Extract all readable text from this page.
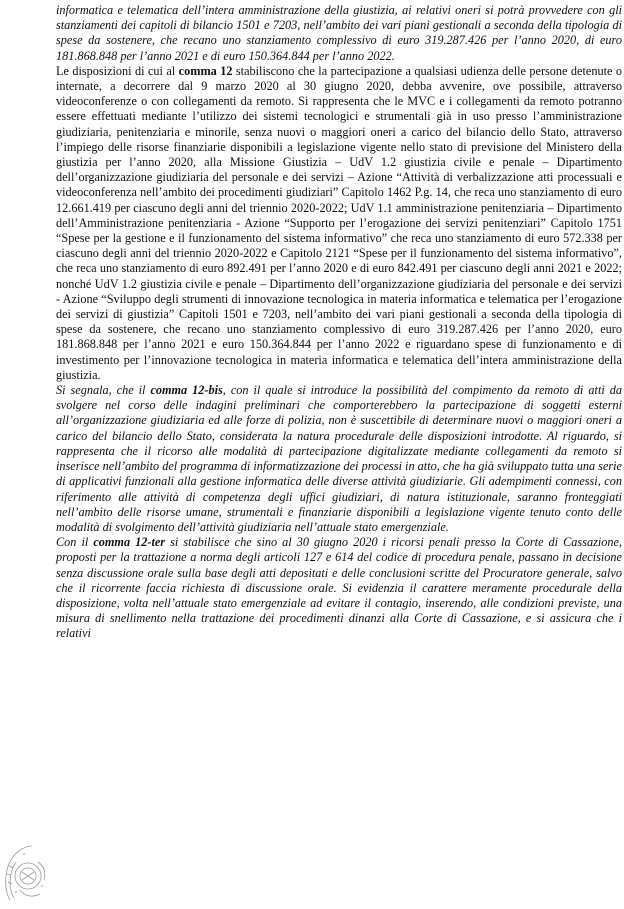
informatica e telematica dell’intera amministrazione della giustizia, ai relativi oneri si potrà provvedere con gli stanziamenti dei capitoli di bilancio 1501 e 7203, nell’ambito dei vari piani gestionali a seconda della tipologia di spese da sostenere, che recano uno stanziamento complessivo di euro 319.287.426 per l’anno 2020, di euro 181.868.848 per l’anno 2021 e di euro 150.364.844 per l’anno 2022.

Le disposizioni di cui al comma 12 stabiliscono che la partecipazione a qualsiasi udienza delle persone detenute o internate, a decorrere dal 9 marzo 2020 al 30 giugno 2020, debba avvenire, ove possibile, attraverso videoconferenze o con collegamenti da remoto. Si rappresenta che le MVC e i collegamenti da remoto potranno essere effettuati mediante l’utilizzo dei sistemi tecnologici e strumentali già in uso presso l’amministrazione giudiziaria, penitenziaria e minorile, senza nuovi o maggiori oneri a carico del bilancio dello Stato, attraverso l’impiego delle risorse finanziarie disponibili a legislazione vigente nello stato di previsione del Ministero della giustizia per l’anno 2020, alla Missione Giustizia – UdV 1.2 giustizia civile e penale – Dipartimento dell’organizzazione giudiziaria del personale e dei servizi – Azione “Attività di verbalizzazione atti processuali e videoconferenza nell’ambito dei procedimenti giudiziari” Capitolo 1462 P.g. 14, che reca uno stanziamento di euro 12.661.419 per ciascuno degli anni del triennio 2020-2022; UdV 1.1 amministrazione penitenziaria – Dipartimento dell’Amministrazione penitenziaria - Azione “Supporto per l’erogazione dei servizi penitenziari” Capitolo 1751 “Spese per la gestione e il funzionamento del sistema informativo” che reca uno stanziamento di euro 572.338 per ciascuno degli anni del triennio 2020-2022 e Capitolo 2121 “Spese per il funzionamento del sistema informativo”, che reca uno stanziamento di euro 892.491 per l’anno 2020 e di euro 842.491 per ciascuno degli anni 2021 e 2022; nonché UdV 1.2 giustizia civile e penale – Dipartimento dell’organizzazione giudiziaria del personale e dei servizi - Azione “Sviluppo degli strumenti di innovazione tecnologica in materia informatica e telematica per l’erogazione dei servizi di giustizia” Capitoli 1501 e 7203, nell’ambito dei vari piani gestionali a seconda della tipologia di spese da sostenere, che recano uno stanziamento complessivo di euro 319.287.426 per l’anno 2020, euro 181.868.848 per l’anno 2021 e euro 150.364.844 per l’anno 2022 e riguardano spese di funzionamento e di investimento per l’innovazione tecnologica in materia informatica e telematica dell’intera amministrazione della giustizia.

Si segnala, che il comma 12-bis, con il quale si introduce la possibilità del compimento da remoto di atti da svolgere nel corso delle indagini preliminari che comporterebbero la partecipazione di soggetti esterni all’organizzazione giudiziaria ed alle forze di polizia, non è suscettibile di determinare nuovi o maggiori oneri a carico del bilancio dello Stato, considerata la natura procedurale delle disposizioni introdotte. Al riguardo, si rappresenta che il ricorso alle modalità di partecipazione digitalizzate mediante collegamenti da remoto si inserisce nell’ambito del programma di informatizzazione dei processi in atto, che ha già sviluppato tutta una serie di applicativi funzionali alla gestione informatica delle diverse attività giudiziarie. Gli adempimenti connessi, con riferimento alle attività di competenza degli uffici giudiziari, di natura istituzionale, saranno fronteggiati nell’ambito delle risorse umane, strumentali e finanziarie disponibili a legislazione vigente tenuto conto delle modalità di svolgimento dell’attività giudiziaria nell’attuale stato emergenziale.

Con il comma 12-ter si stabilisce che sino al 30 giugno 2020 i ricorsi penali presso la Corte di Cassazione, proposti per la trattazione a norma degli articoli 127 e 614 del codice di procedura penale, passano in decisione senza discussione orale sulla base degli atti depositati e delle conclusioni scritte del Procuratore generale, salvo che il ricorrente faccia richiesta di discussione orale. Si evidenzia il carattere meramente procedurale della disposizione, volta nell’attuale stato emergenziale ad evitare il contagio, inserendo, alle condizioni previste, una misura di snellimento nella trattazione dei procedimenti dinanzi alla Corte di Cassazione, e si assicura che i relativi
